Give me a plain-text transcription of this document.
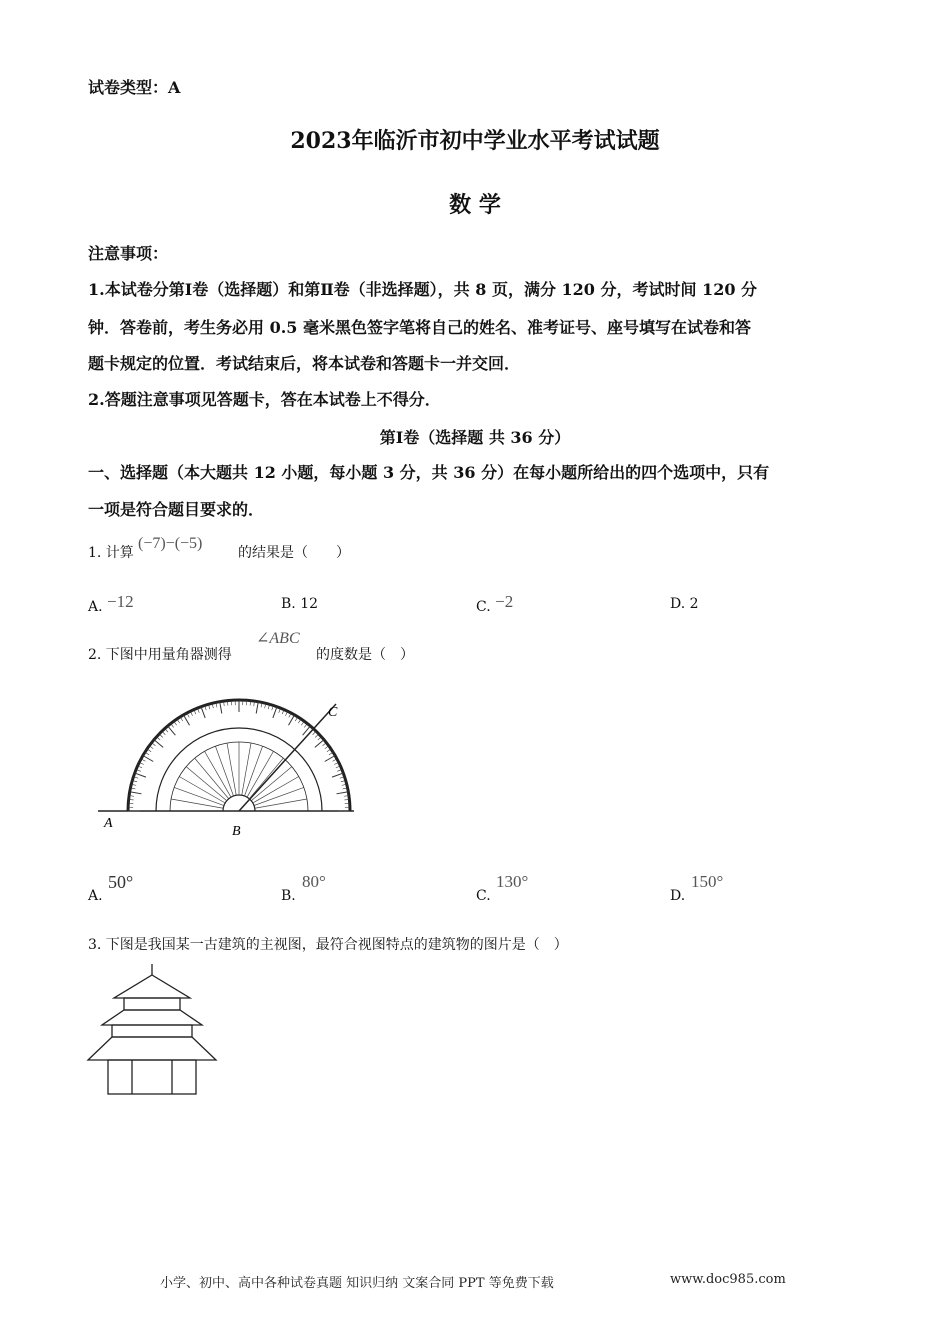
试卷类型：A
2023年临沂市初中学业水平考试试题
数 学
注意事项：
1.本试卷分第Ⅰ卷（选择题）和第Ⅱ卷（非选择题），共 8 页，满分 120 分，考试时间 120 分
钟．答卷前，考生务必用 0.5 毫米黑色签字笔将自己的姓名、准考证号、座号填写在试卷和答
题卡规定的位置．考试结束后，将本试卷和答题卡一并交回．
2.答题注意事项见答题卡，答在本试卷上不得分．
第Ⅰ卷（选择题 共 36 分）
一、选择题（本大题共 12 小题，每小题 3 分，共 36 分）在每小题所给出的四个选项中，只有
一项是符合题目要求的．
1. 计算
(−7)−(−5)
的结果是（　　）
A. −12	B. 12	C. −2	D. 2
2. 下图中用量角器测得
∠ABC
的度数是（　）
A
B
C
A.
50°
B.
80°
C.
130°
D.
150°
3. 下图是我国某一古建筑的主视图，最符合视图特点的建筑物的图片是（　）
小学、初中、高中各种试卷真题 知识归纳 文案合同 PPT 等免费下载	www.doc985.com
